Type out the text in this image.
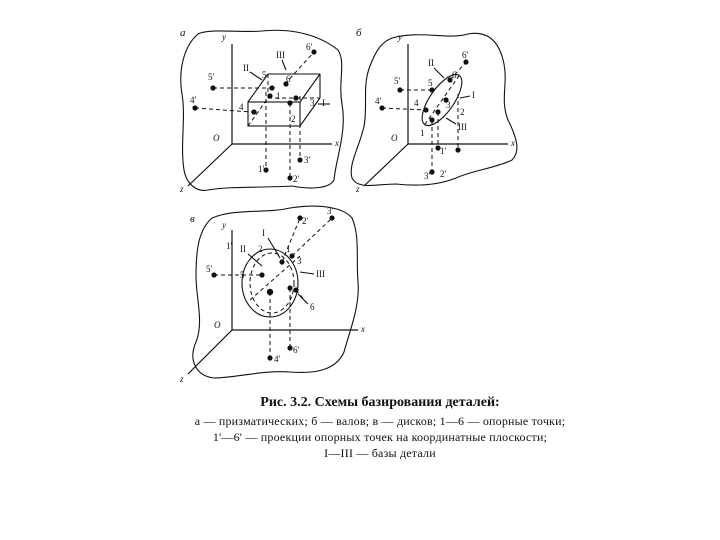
а	y
x
z
O
II
III
I
5 6
1
4
2
3
5'
4'
6'
1'
2'
3'
б	y
x
z
O
II
I
III
5
6
4	3
2
1
5'
4'
6'
1'
2'
3'
в	y
x
z
O
I
II
III
1
2
3
5
6
1'
2'
3'
4'
5'
6'
Рис. 3.2. Схемы базирования деталей:
а — призматических; б — валов; в — дисков; 1—6 — опорные точки;
1'—6' — проекции опорных точек на координатные плоскости;
I—III — базы детали
